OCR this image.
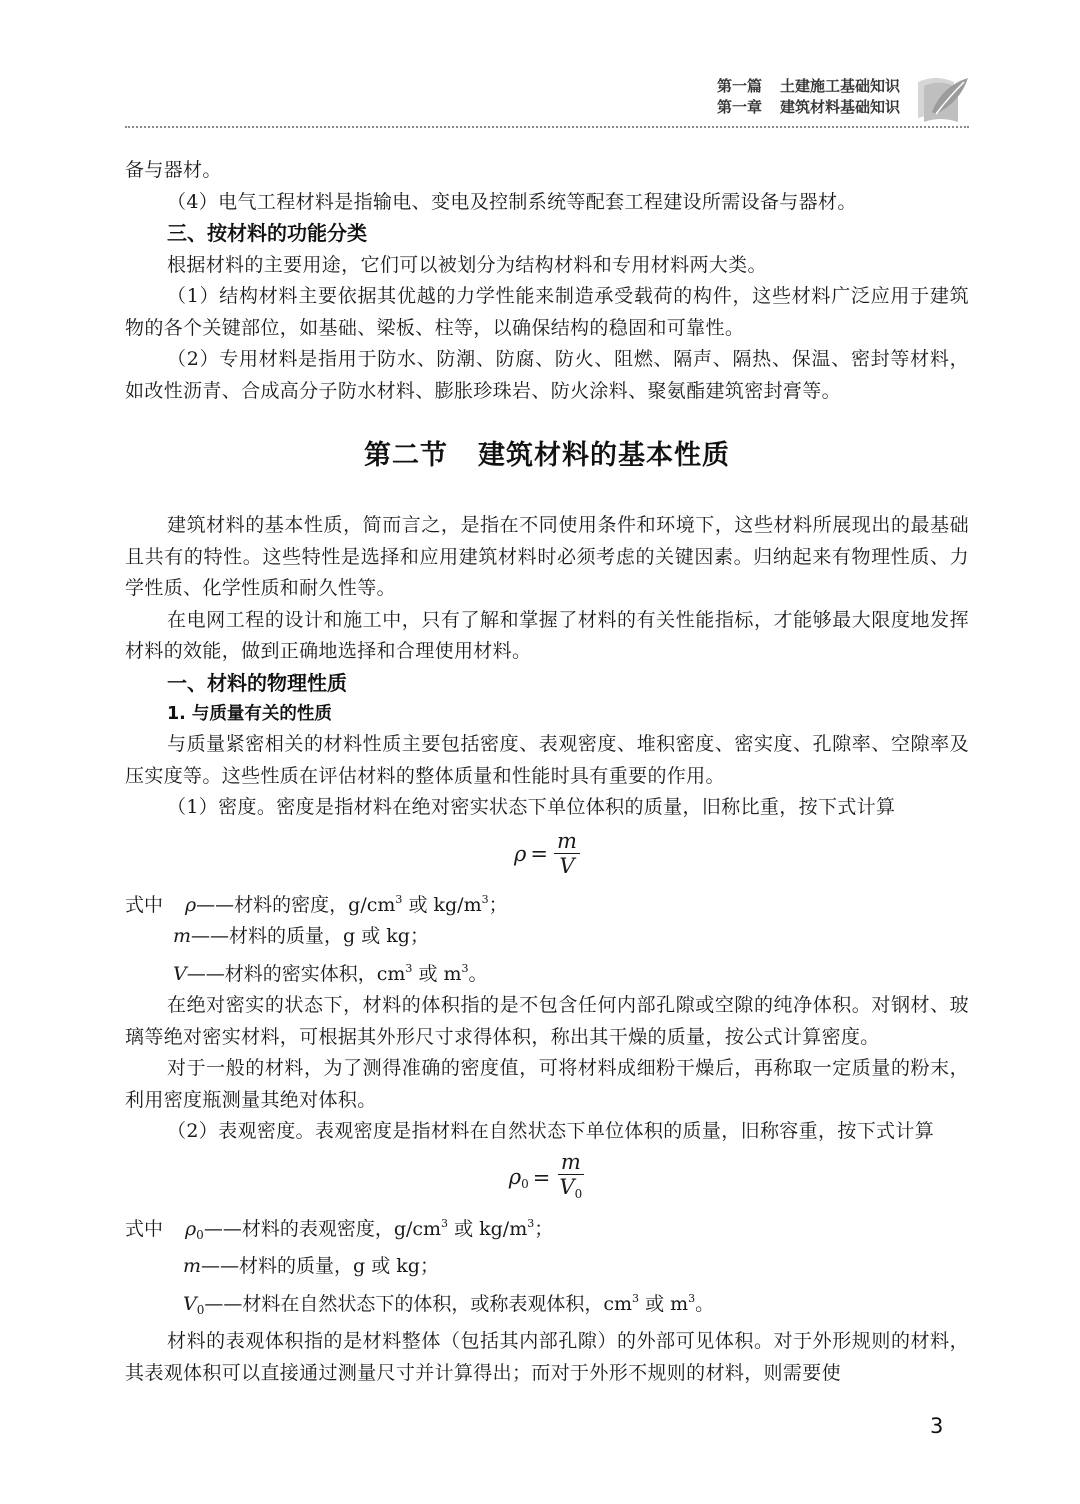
第一篇 土建施工基础知识
第一章 建筑材料基础知识

备与器材。

（4）电气工程材料是指输电、变电及控制系统等配套工程建设所需设备与器材。

三、按材料的功能分类

根据材料的主要用途，它们可以被划分为结构材料和专用材料两大类。

（1）结构材料主要依据其优越的力学性能来制造承受载荷的构件，这些材料广泛应用于建筑物的各个关键部位，如基础、梁板、柱等，以确保结构的稳固和可靠性。

（2）专用材料是指用于防水、防潮、防腐、防火、阻燃、隔声、隔热、保温、密封等材料，如改性沥青、合成高分子防水材料、膨胀珍珠岩、防火涂料、聚氨酯建筑密封膏等。

第二节 建筑材料的基本性质

建筑材料的基本性质，简而言之，是指在不同使用条件和环境下，这些材料所展现出的最基础且共有的特性。这些特性是选择和应用建筑材料时必须考虑的关键因素。归纳起来有物理性质、力学性质、化学性质和耐久性等。

在电网工程的设计和施工中，只有了解和掌握了材料的有关性能指标，才能够最大限度地发挥材料的效能，做到正确地选择和合理使用材料。

一、材料的物理性质

1. 与质量有关的性质

与质量紧密相关的材料性质主要包括密度、表观密度、堆积密度、密实度、孔隙率、空隙率及压实度等。这些性质在评估材料的整体质量和性能时具有重要的作用。

（1）密度。密度是指材料在绝对密实状态下单位体积的质量，旧称比重，按下式计算

$\rho = \frac{m}{V}$

式中 ρ——材料的密度，$g/cm^3$ 或 $kg/m^3$；

m——材料的质量，g 或 kg；

V——材料的密实体积，$cm^3$ 或 $m^3$。

在绝对密实的状态下，材料的体积指的是不包含任何内部孔隙或空隙的纯净体积。对钢材、玻璃等绝对密实材料，可根据其外形尺寸求得体积，称出其干燥的质量，按公式计算密度。

对于一般的材料，为了测得准确的密度值，可将材料成细粉干燥后，再称取一定质量的粉末，利用密度瓶测量其绝对体积。

（2）表观密度。表观密度是指材料在自然状态下单位体积的质量，旧称容重，按下式计算

$\rho_0 = \frac{m}{V_0}$

式中 $\rho_0——$材料的表观密度，$g/cm^3$ 或 $kg/m^3$；

m——材料的质量，g 或 kg；

$V_0——$材料在自然状态下的体积，或称表观体积，$cm^3$ 或 $m^3$。

材料的表观体积指的是材料整体（包括其内部孔隙）的外部可见体积。对于外形规则的材料，其表观体积可以直接通过测量尺寸并计算得出；而对于外形不规则的材料，则需要使

3
